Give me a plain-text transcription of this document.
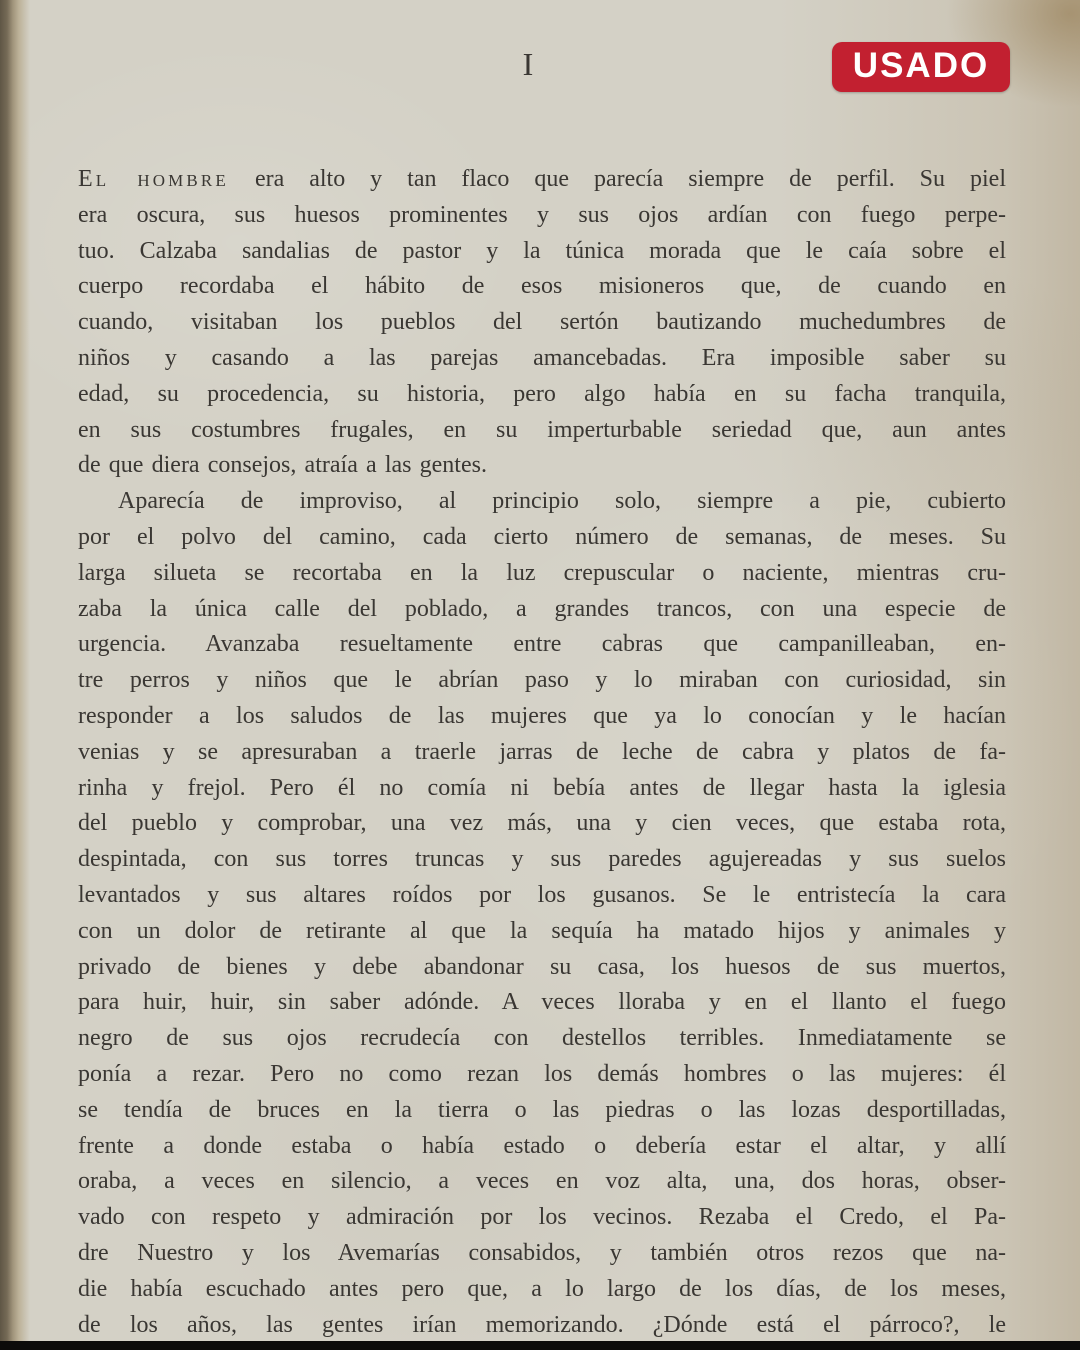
I	USADO
El hombre era alto y tan flaco que parecía siempre de perfil. Su piel
era oscura, sus huesos prominentes y sus ojos ardían con fuego perpe-
tuo. Calzaba sandalias de pastor y la túnica morada que le caía sobre el
cuerpo recordaba el hábito de esos misioneros que, de cuando en
cuando, visitaban los pueblos del sertón bautizando muchedumbres de
niños y casando a las parejas amancebadas. Era imposible saber su
edad, su procedencia, su historia, pero algo había en su facha tranquila,
en sus costumbres frugales, en su imperturbable seriedad que, aun antes
de que diera consejos, atraía a las gentes.
Aparecía de improviso, al principio solo, siempre a pie, cubierto
por el polvo del camino, cada cierto número de semanas, de meses. Su
larga silueta se recortaba en la luz crepuscular o naciente, mientras cru-
zaba la única calle del poblado, a grandes trancos, con una especie de
urgencia. Avanzaba resueltamente entre cabras que campanilleaban, en-
tre perros y niños que le abrían paso y lo miraban con curiosidad, sin
responder a los saludos de las mujeres que ya lo conocían y le hacían
venias y se apresuraban a traerle jarras de leche de cabra y platos de fa-
rinha y frejol. Pero él no comía ni bebía antes de llegar hasta la iglesia
del pueblo y comprobar, una vez más, una y cien veces, que estaba rota,
despintada, con sus torres truncas y sus paredes agujereadas y sus suelos
levantados y sus altares roídos por los gusanos. Se le entristecía la cara
con un dolor de retirante al que la sequía ha matado hijos y animales y
privado de bienes y debe abandonar su casa, los huesos de sus muertos,
para huir, huir, sin saber adónde. A veces lloraba y en el llanto el fuego
negro de sus ojos recrudecía con destellos terribles. Inmediatamente se
ponía a rezar. Pero no como rezan los demás hombres o las mujeres: él
se tendía de bruces en la tierra o las piedras o las lozas desportilladas,
frente a donde estaba o había estado o debería estar el altar, y allí
oraba, a veces en silencio, a veces en voz alta, una, dos horas, obser-
vado con respeto y admiración por los vecinos. Rezaba el Credo, el Pa-
dre Nuestro y los Avemarías consabidos, y también otros rezos que na-
die había escuchado antes pero que, a lo largo de los días, de los meses,
de los años, las gentes irían memorizando. ¿Dónde está el párroco?, le
